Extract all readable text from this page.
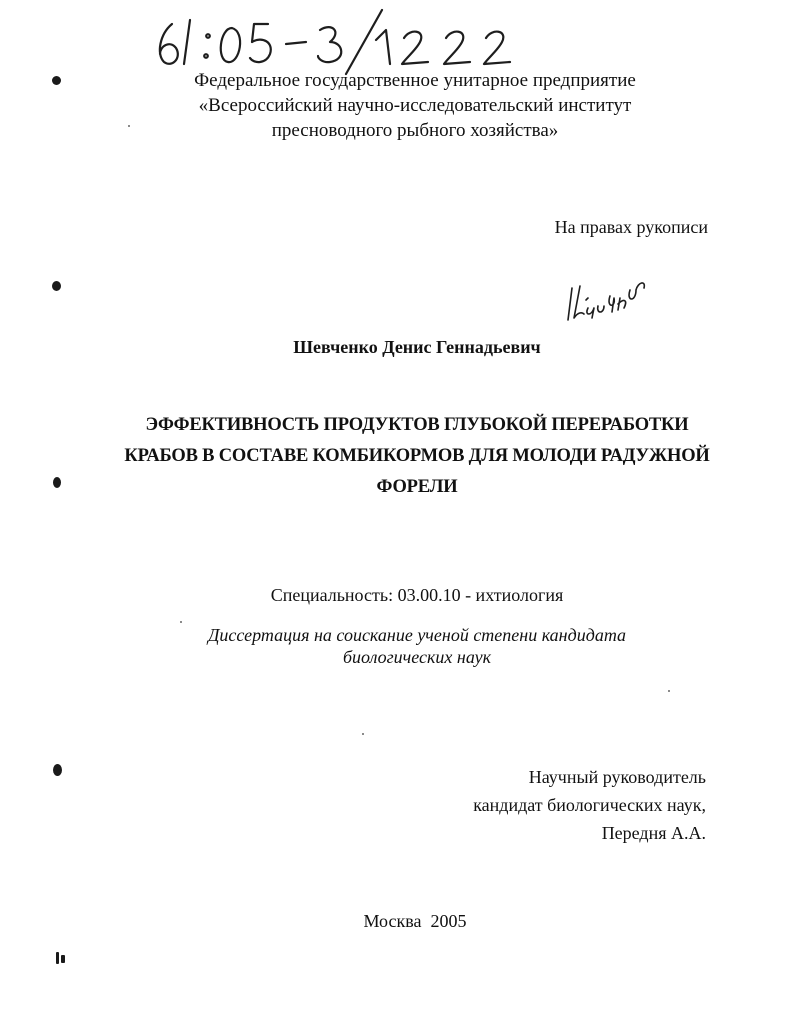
Федеральное государственное унитарное предприятие
«Всероссийский научно-исследовательский институт
пресноводного рыбного хозяйства»
На правах рукописи
Шевченко Денис Геннадьевич
ЭФФЕКТИВНОСТЬ ПРОДУКТОВ ГЛУБОКОЙ ПЕРЕРАБОТКИ
КРАБОВ В СОСТАВЕ КОМБИКОРМОВ ДЛЯ МОЛОДИ РАДУЖНОЙ
ФОРЕЛИ
Специальность: 03.00.10 - ихтиология
Диссертация на соискание ученой степени кандидата
биологических наук
Научный руководитель
кандидат биологических наук,
Передня А.А.
Москва  2005
